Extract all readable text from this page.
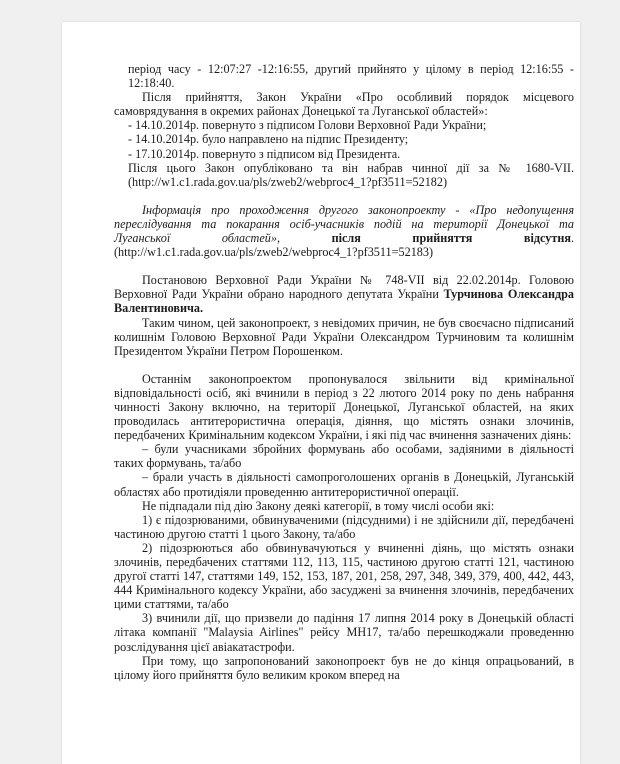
період часу - 12:07:27 -12:16:55, другий прийнято у цілому в період 12:16:55 - 12:18:40.

Після прийняття, Закон України «Про особливий порядок місцевого самоврядування в окремих районах Донецької та Луганської областей»:

- 14.10.2014р. повернуто з підписом Голови Верховної Ради України;

- 14.10.2014р. було направлено на підпис Президенту;

- 17.10.2014р. повернуто з підписом від Президента.

Після цього Закон опубліковано та він набрав чинної дії за № 1680-VII. (http://w1.c1.rada.gov.ua/pls/zweb2/webproc4_1?pf3511=52182)

Інформація про проходження другого законопроекту - «Про недопущення переслідування та покарання осіб-учасників подій на території Донецької та Луганської областей»,	після прийняття відсутня. (http://w1.c1.rada.gov.ua/pls/zweb2/webproc4_1?pf3511=52183)

Постановою Верховної Ради України № 748-VII від 22.02.2014р. Головою Верховної Ради України обрано народного депутата України Турчинова Олександра Валентиновича.

Таким чином, цей законопроект, з невідомих причин, не був своєчасно підписаний колишнім Головою Верховної Ради України Олександром Турчиновим та колишнім Президентом України Петром Порошенком.

Останнім законопроектом пропонувалося звільнити від кримінальної відповідальності осіб, які вчинили в період з 22 лютого 2014 року по день набрання чинності Закону включно, на території Донецької, Луганської областей, на яких проводилась антитерористична операція, діяння, що містять ознаки злочинів, передбачених Кримінальним кодексом України, і які під час вчинення зазначених діянь:

– були учасниками збройних формувань або особами, задіяними в діяльності таких формувань, та/або

– брали участь в діяльності самопроголошених органів в Донецькій, Луганській областях або протидіяли проведенню антитерористичної операції.

Не підпадали під дію Закону деякі категорії, в тому числі особи які:

1) є підозрюваними, обвинуваченими (підсудними) і не здійснили дії, передбачені частиною другою статті 1 цього Закону, та/або

2) підозрюються або обвинувачуються у вчиненні діянь, що містять ознаки злочинів, передбачених статтями 112, 113, 115, частиною другою статті 121, частиною другої статті 147, статтями 149, 152, 153, 187, 201, 258, 297, 348, 349, 379, 400, 442, 443, 444 Кримінального кодексу України, або засуджені за вчинення злочинів, передбачених цими статтями, та/або

3) вчинили дії, що призвели до падіння 17 липня 2014 року в Донецькій області літака компанії "Malaysia Airlines" рейсу МН17, та/або перешкоджали проведенню розслідування цієї авіакатастрофи.

При тому, що запропонований законопроект був не до кінця опрацьований, в цілому його прийняття було великим кроком вперед на
